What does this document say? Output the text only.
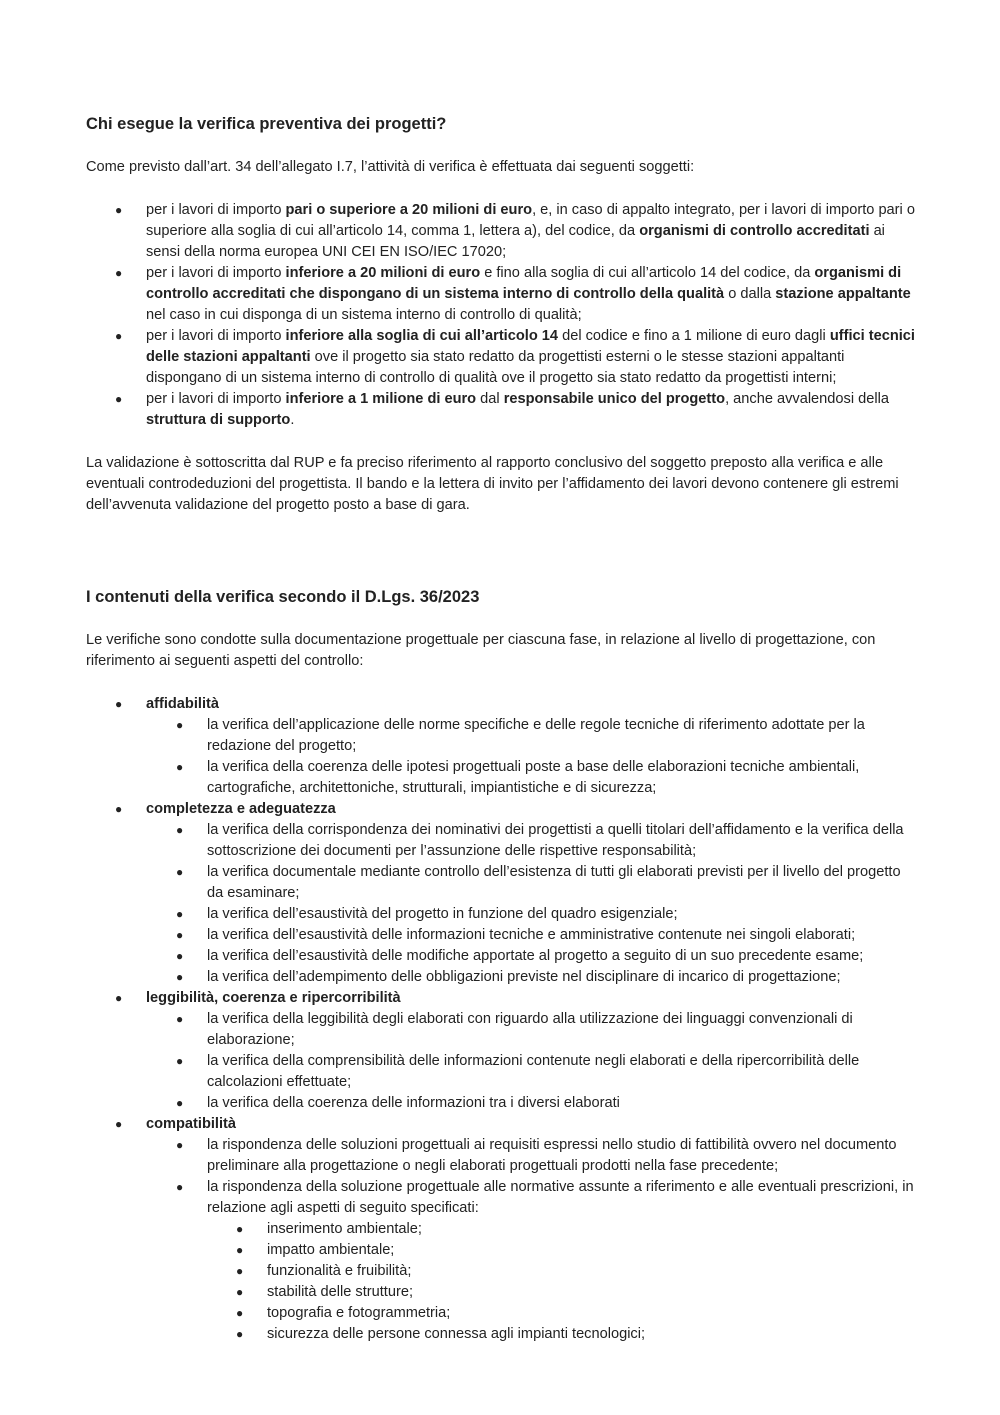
Chi esegue la verifica preventiva dei progetti?

Come previsto dall’art. 34 dell’allegato I.7, l’attività di verifica è effettuata dai seguenti soggetti:

● per i lavori di importo pari o superiore a 20 milioni di euro, e, in caso di appalto integrato, per i lavori di importo pari o superiore alla soglia di cui all’articolo 14, comma 1, lettera a), del codice, da organismi di controllo accreditati ai sensi della norma europea UNI CEI EN ISO/IEC 17020;
● per i lavori di importo inferiore a 20 milioni di euro e fino alla soglia di cui all’articolo 14 del codice, da organismi di controllo accreditati che dispongano di un sistema interno di controllo della qualità o dalla stazione appaltante nel caso in cui disponga di un sistema interno di controllo di qualità;
● per i lavori di importo inferiore alla soglia di cui all’articolo 14 del codice e fino a 1 milione di euro dagli uffici tecnici delle stazioni appaltanti ove il progetto sia stato redatto da progettisti esterni o le stesse stazioni appaltanti dispongano di un sistema interno di controllo di qualità ove il progetto sia stato redatto da progettisti interni;
● per i lavori di importo inferiore a 1 milione di euro dal responsabile unico del progetto, anche avvalendosi della struttura di supporto.

La validazione è sottoscritta dal RUP e fa preciso riferimento al rapporto conclusivo del soggetto preposto alla verifica e alle eventuali controdeduzioni del progettista. Il bando e la lettera di invito per l’affidamento dei lavori devono contenere gli estremi dell’avvenuta validazione del progetto posto a base di gara.

I contenuti della verifica secondo il D.Lgs. 36/2023

Le verifiche sono condotte sulla documentazione progettuale per ciascuna fase, in relazione al livello di progettazione, con riferimento ai seguenti aspetti del controllo:

● affidabilità
● la verifica dell’applicazione delle norme specifiche e delle regole tecniche di riferimento adottate per la redazione del progetto;
● la verifica della coerenza delle ipotesi progettuali poste a base delle elaborazioni tecniche ambientali, cartografiche, architettoniche, strutturali, impiantistiche e di sicurezza;
● completezza e adeguatezza
● la verifica della corrispondenza dei nominativi dei progettisti a quelli titolari dell’affidamento e la verifica della sottoscrizione dei documenti per l’assunzione delle rispettive responsabilità;
● la verifica documentale mediante controllo dell’esistenza di tutti gli elaborati previsti per il livello del progetto da esaminare;
● la verifica dell’esaustività del progetto in funzione del quadro esigenziale;
● la verifica dell’esaustività delle informazioni tecniche e amministrative contenute nei singoli elaborati;
● la verifica dell’esaustività delle modifiche apportate al progetto a seguito di un suo precedente esame;
● la verifica dell’adempimento delle obbligazioni previste nel disciplinare di incarico di progettazione;
● leggibilità, coerenza e ripercorribilità
● la verifica della leggibilità degli elaborati con riguardo alla utilizzazione dei linguaggi convenzionali di elaborazione;
● la verifica della comprensibilità delle informazioni contenute negli elaborati e della ripercorribilità delle calcolazioni effettuate;
● la verifica della coerenza delle informazioni tra i diversi elaborati
● compatibilità
● la rispondenza delle soluzioni progettuali ai requisiti espressi nello studio di fattibilità ovvero nel documento preliminare alla progettazione o negli elaborati progettuali prodotti nella fase precedente;
● la rispondenza della soluzione progettuale alle normative assunte a riferimento e alle eventuali prescrizioni, in relazione agli aspetti di seguito specificati:
● inserimento ambientale;
● impatto ambientale;
● funzionalità e fruibilità;
● stabilità delle strutture;
● topografia e fotogrammetria;
● sicurezza delle persone connessa agli impianti tecnologici;
